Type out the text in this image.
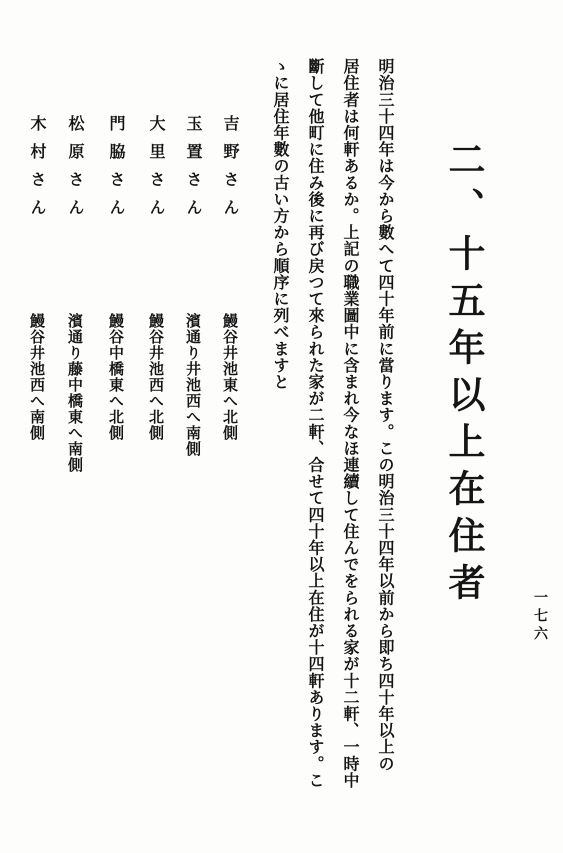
二、十五年以上在住者
明治三十四年は今から數へて四十年前に當ります。この明治三十四年以前から即ち四十年以上の
居住者は何軒あるか。上記の職業圖中に含まれ今なほ連續して住んでをられる家が十二軒、一時中
斷して他町に住み後に再び戻つて來られた家が二軒、合せて四十年以上在住が十四軒あります。こ
ゝに居住年數の古い方から順序に列べますと
吉野さん
鰻谷井池東へ北側
玉置さん
濱通り井池西へ南側
大里さん
鰻谷井池西へ北側
門脇さん
鰻谷中橋東へ北側
松原さん
濱通り藤中橋東へ南側
木村さん
鰻谷井池西へ南側
一七六
